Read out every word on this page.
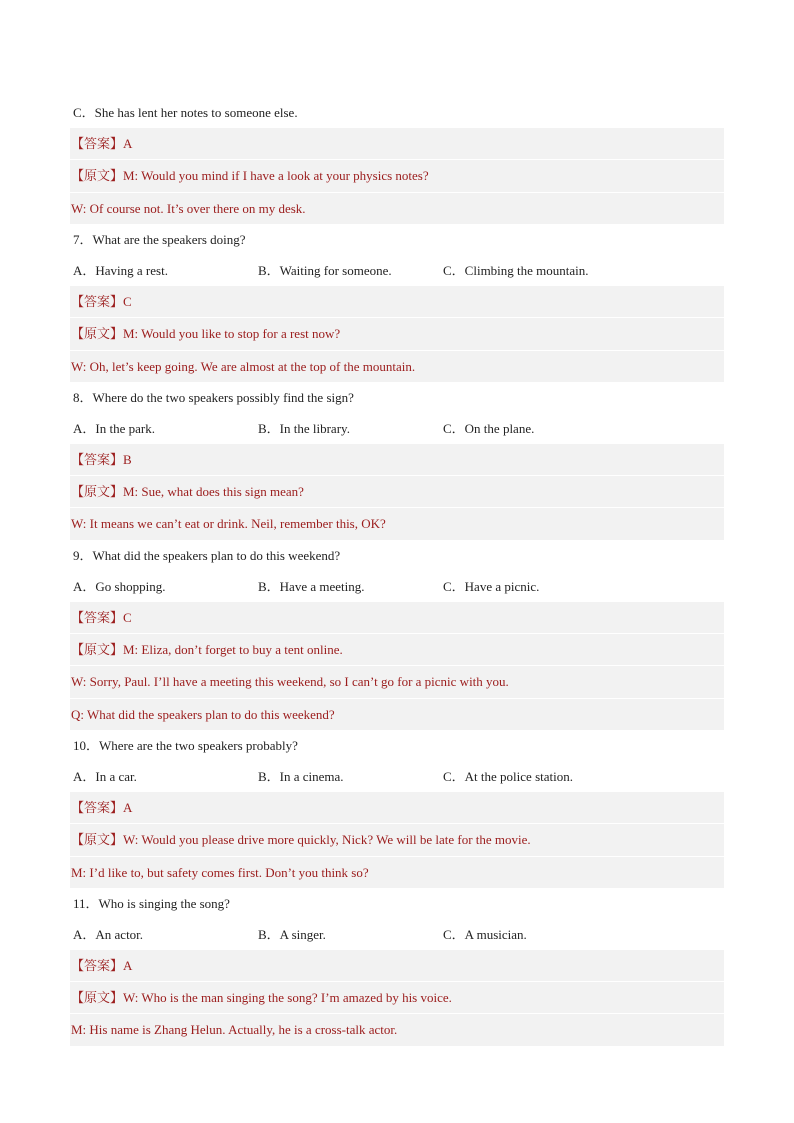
C．She has lent her notes to someone else.
【答案】A
【原文】M: Would you mind if I have a look at your physics notes?
W: Of course not. It’s over there on my desk.
7．What are the speakers doing?
A．Having a rest.	B．Waiting for someone.	C．Climbing the mountain.
【答案】C
【原文】M: Would you like to stop for a rest now?
W: Oh, let’s keep going. We are almost at the top of the mountain.
8．Where do the two speakers possibly find the sign?
A．In the park.	B．In the library.	C．On the plane.
【答案】B
【原文】M: Sue, what does this sign mean?
W: It means we can’t eat or drink. Neil, remember this, OK?
9．What did the speakers plan to do this weekend?
A．Go shopping.	B．Have a meeting.	C．Have a picnic.
【答案】C
【原文】M: Eliza, don’t forget to buy a tent online.
W: Sorry, Paul. I’ll have a meeting this weekend, so I can’t go for a picnic with you.
Q: What did the speakers plan to do this weekend?
10．Where are the two speakers probably?
A．In a car.	B．In a cinema.	C．At the police station.
【答案】A
【原文】W: Would you please drive more quickly, Nick? We will be late for the movie.
M: I’d like to, but safety comes first. Don’t you think so?
11．Who is singing the song?
A．An actor.	B．A singer.	C．A musician.
【答案】A
【原文】W: Who is the man singing the song? I’m amazed by his voice.
M: His name is Zhang Helun. Actually, he is a cross-talk actor.
